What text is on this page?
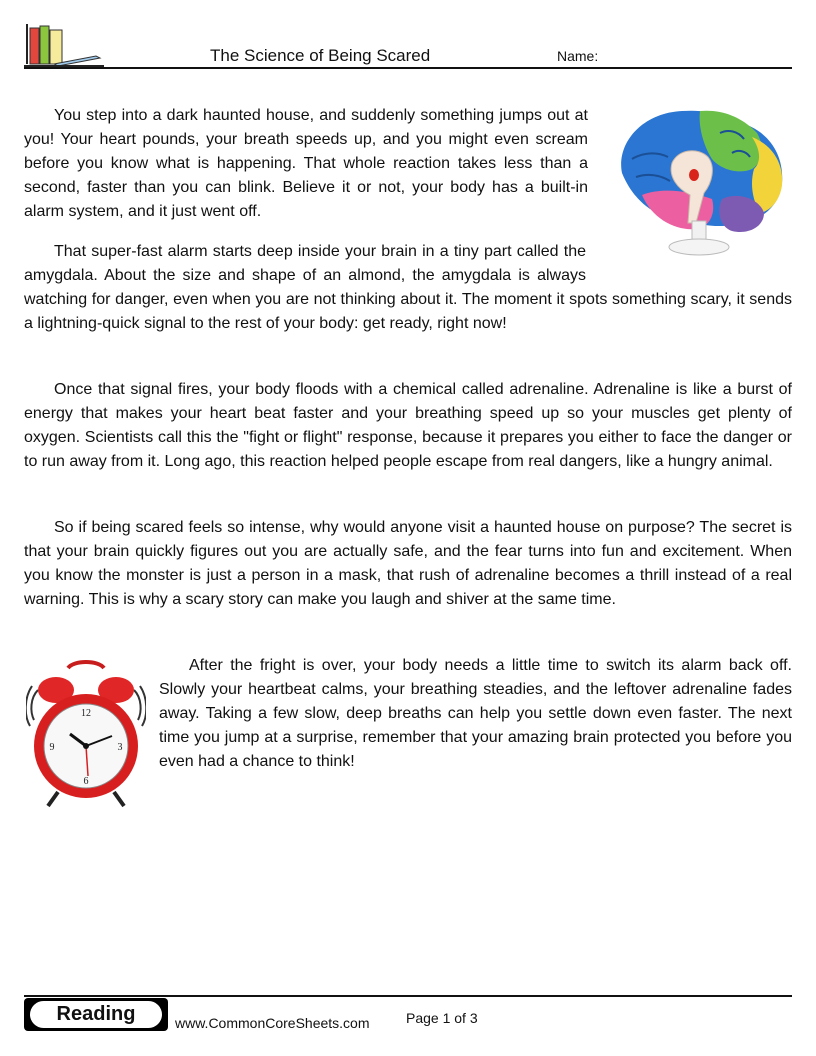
The Science of Being Scared	Name:

You step into a dark haunted house, and suddenly something jumps out at you! Your heart pounds, your breath speeds up, and you might even scream before you know what is happening. That whole reaction takes less than a second, faster than you can blink. Believe it or not, your body has a built-in alarm system, and it just went off.

That super-fast alarm starts deep inside your brain in a tiny part called the amygdala. About the size and shape of an almond, the amygdala is always watching for danger, even when you are not thinking about it. The moment it spots something scary, it sends a lightning-quick signal to the rest of your body: get ready, right now!

Once that signal fires, your body floods with a chemical called adrenaline. Adrenaline is like a burst of energy that makes your heart beat faster and your breathing speed up so your muscles get plenty of oxygen. Scientists call this the "fight or flight" response, because it prepares you either to face the danger or to run away from it. Long ago, this reaction helped people escape from real dangers, like a hungry animal.

So if being scared feels so intense, why would anyone visit a haunted house on purpose? The secret is that your brain quickly figures out you are actually safe, and the fear turns into fun and excitement. When you know the monster is just a person in a mask, that rush of adrenaline becomes a thrill instead of a real warning. This is why a scary story can make you laugh and shiver at the same time.

12
3
6
9

After the fright is over, your body needs a little time to switch its alarm back off. Slowly your heartbeat calms, your breathing steadies, and the leftover adrenaline fades away. Taking a few slow, deep breaths can help you settle down even faster. The next time you jump at a surprise, remember that your amazing brain protected you before you even had a chance to think!

Reading	www.CommonCoreSheets.com	Page 1 of 3
